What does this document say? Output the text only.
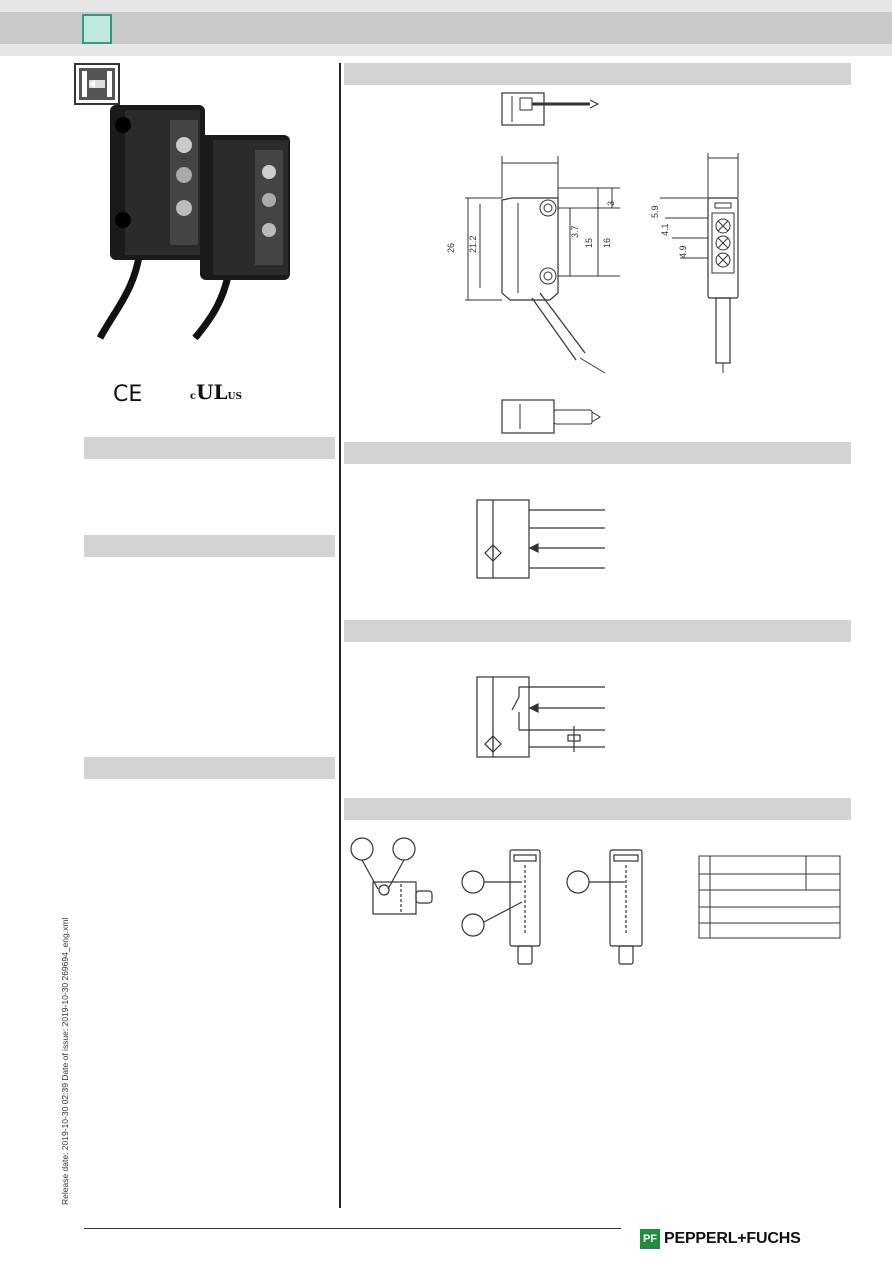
CE	cULUS
26 21.2
3
3.7
15 16
5.9
4.1
4.9
Release date: 2019-10-30 02:39 Date of issue: 2019-10-30 269694_eng.xml
PF PEPPERL+FUCHS
